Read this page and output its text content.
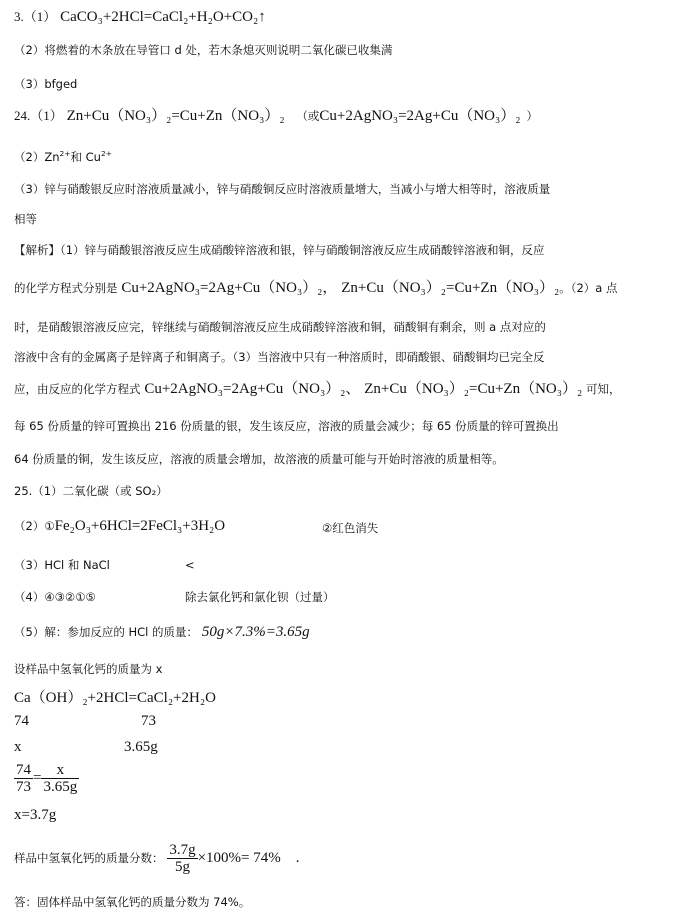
3.（1） CaCO₃+2HCl=CaCl₂+H₂O+CO₂↑
（2）将燃着的木条放在导管口 d 处，若木条熄灭则说明二氧化碳已收集满
（3）bfged
24.（1） Zn+Cu（NO₃）₂=Cu+Zn（NO₃）₂ （或Cu+2AgNO₃=2Ag+Cu（NO₃）₂ ）
$(2)Zn^{2+}$和 $Cu^{2+}$
（3）锌与硝酸银反应时溶液质量减小，锌与硝酸铜反应时溶液质量增大，当减小与增大相等时，溶液质量
相等
【解析】（1）锌与硝酸银溶液反应生成硝酸锌溶液和银，锌与硝酸铜溶液反应生成硝酸锌溶液和铜，反应
的化学方程式分别是 Cu+2AgNO₃=2Ag+Cu（NO₃）₂， Zn+Cu（NO₃）₂=Cu+Zn（NO₃）₂。（2）a 点
时，是硝酸银溶液反应完，锌继续与硝酸铜溶液反应生成硝酸锌溶液和铜，硝酸铜有剩余，则 a 点对应的
溶液中含有的金属离子是锌离子和铜离子。（3）当溶液中只有一种溶质时，即硝酸银、硝酸铜均已完全反
应，由反应的化学方程式 Cu+2AgNO₃=2Ag+Cu（NO₃）₂、 Zn+Cu（NO₃）₂=Cu+Zn（NO₃）₂ 可知，
每 65 份质量的锌可置换出 216 份质量的银，发生该反应，溶液的质量会减少；每 65 份质量的锌可置换出
64 份质量的铜，发生该反应，溶液的质量会增加，故溶液的质量可能与开始时溶液的质量相等。
25.（1）二氧化碳（或 SO₂）
（2）①Fe₂O₃+6HCl=2FeCl₃+3H₂O	②红色消失
（3）HCl 和 NaCl	<
（4）④③②①⑤	除去氯化钙和氯化钡（过量）
（5）解：参加反应的 HCl 的质量： 50g×7.3%=3.65g
设样品中氢氧化钙的质量为 x
Ca（OH）₂+2HCl=CaCl₂+2H₂O
74	73
x	3.65g
$\frac{74}{73} = \frac{x}{3.65g}$
x=3.7g
样品中氢氧化钙的质量分数： $\frac{3.7g}{5g} \times 100\%= 74\%$　.
答：固体样品中氢氧化钙的质量分数为 74%。
